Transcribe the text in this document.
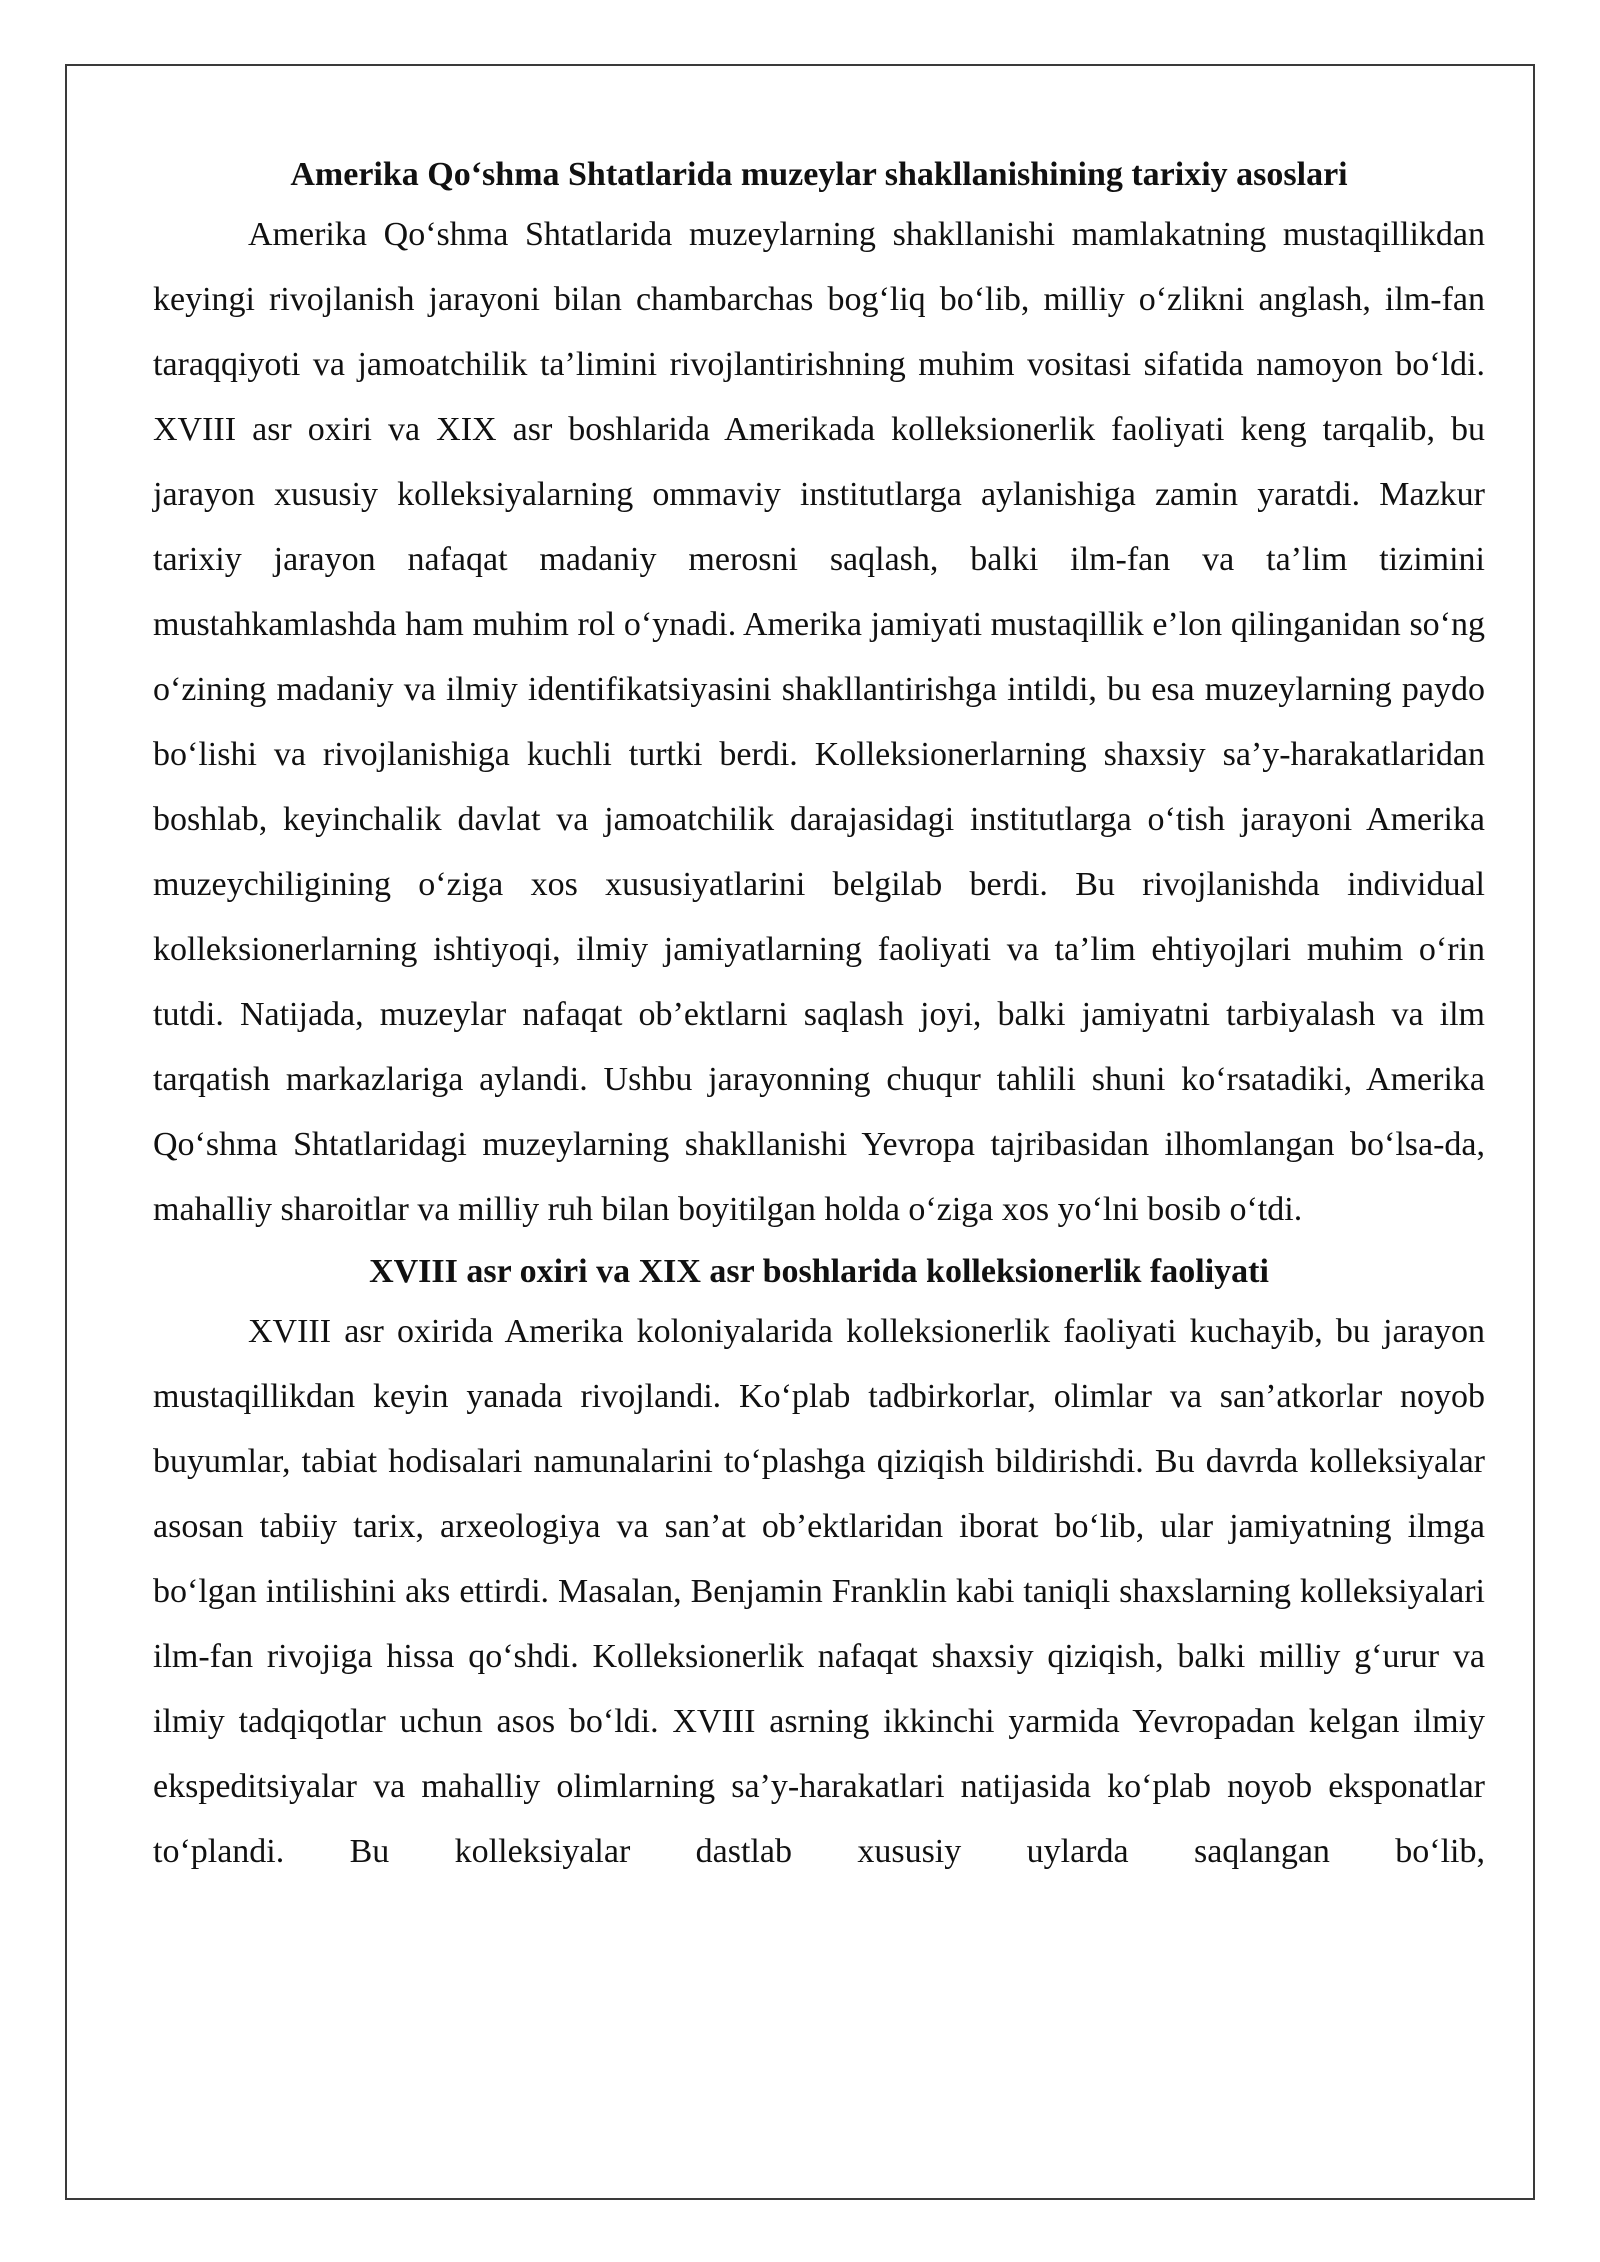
Amerika Qo‘shma Shtatlarida muzeylar shakllanishining tarixiy asoslari

Amerika Qo‘shma Shtatlarida muzeylarning shakllanishi mamlakatning mustaqillikdan keyingi rivojlanish jarayoni bilan chambarchas bog‘liq bo‘lib, milliy o‘zlikni anglash, ilm-fan taraqqiyoti va jamoatchilik ta’limini rivojlantirishning muhim vositasi sifatida namoyon bo‘ldi. XVIII asr oxiri va XIX asr boshlarida Amerikada kolleksionerlik faoliyati keng tarqalib, bu jarayon xususiy kolleksiyalarning ommaviy institutlarga aylanishiga zamin yaratdi. Mazkur tarixiy jarayon nafaqat madaniy merosni saqlash, balki ilm-fan va ta’lim tizimini mustahkamlashda ham muhim rol o‘ynadi. Amerika jamiyati mustaqillik e’lon qilinganidan so‘ng o‘zining madaniy va ilmiy identifikatsiyasini shakllantirishga intildi, bu esa muzeylarning paydo bo‘lishi va rivojlanishiga kuchli turtki berdi. Kolleksionerlarning shaxsiy sa’y-harakatlaridan boshlab, keyinchalik davlat va jamoatchilik darajasidagi institutlarga o‘tish jarayoni Amerika muzeychiligining o‘ziga xos xususiyatlarini belgilab berdi. Bu rivojlanishda individual kolleksionerlarning ishtiyoqi, ilmiy jamiyatlarning faoliyati va ta’lim ehtiyojlari muhim o‘rin tutdi. Natijada, muzeylar nafaqat ob’ektlarni saqlash joyi, balki jamiyatni tarbiyalash va ilm tarqatish markazlariga aylandi. Ushbu jarayonning chuqur tahlili shuni ko‘rsatadiki, Amerika Qo‘shma Shtatlaridagi muzeylarning shakllanishi Yevropa tajribasidan ilhomlangan bo‘lsa-da, mahalliy sharoitlar va milliy ruh bilan boyitilgan holda o‘ziga xos yo‘lni bosib o‘tdi.

XVIII asr oxiri va XIX asr boshlarida kolleksionerlik faoliyati

XVIII asr oxirida Amerika koloniyalarida kolleksionerlik faoliyati kuchayib, bu jarayon mustaqillikdan keyin yanada rivojlandi. Ko‘plab tadbirkorlar, olimlar va san’atkorlar noyob buyumlar, tabiat hodisalari namunalarini to‘plashga qiziqish bildirishdi. Bu davrda kolleksiyalar asosan tabiiy tarix, arxeologiya va san’at ob’ektlaridan iborat bo‘lib, ular jamiyatning ilmga bo‘lgan intilishini aks ettirdi. Masalan, Benjamin Franklin kabi taniqli shaxslarning kolleksiyalari ilm-fan rivojiga hissa qo‘shdi. Kolleksionerlik nafaqat shaxsiy qiziqish, balki milliy g‘urur va ilmiy tadqiqotlar uchun asos bo‘ldi. XVIII asrning ikkinchi yarmida Yevropadan kelgan ilmiy ekspeditsiyalar va mahalliy olimlarning sa’y-harakatlari natijasida ko‘plab noyob eksponatlar to‘plandi. Bu kolleksiyalar dastlab xususiy uylarda saqlangan bo‘lib,
